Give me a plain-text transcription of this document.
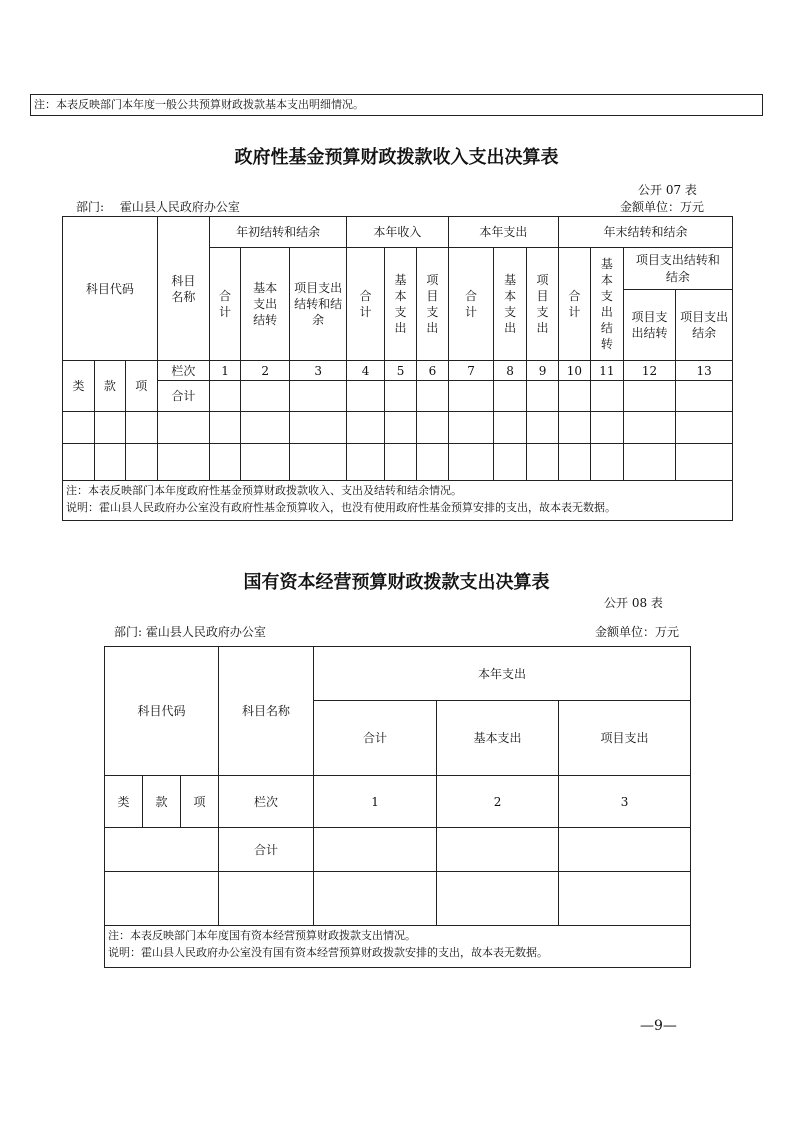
注：本表反映部门本年度一般公共预算财政拨款基本支出明细情况。
政府性基金预算财政拨款收入支出决算表
公开 07 表
部门:　 霍山县人民政府办公室	金额单位：万元
科目代码			科目名称	年初结转和结余			本年收入			本年支出			年末结转和结余			
				合计	基本支出结转	项目支出结转和结余	合计	基本支出	项目支出	合计	基本支出	项目支出	合计	基本支出结转	项目支出结转和结余	
															项目支出结转	项目支出结余
类	款	项	栏次	1	2	3	4	5	6	7	8	9	10	11	12	13
			合计													

注：本表反映部门本年度政府性基金预算财政拨款收入、支出及结转和结余情况。
说明：霍山县人民政府办公室没有政府性基金预算收入，也没有使用政府性基金预算安排的支出，故本表无数据。																
国有资本经营预算财政拨款支出决算表
公开 08 表
部门: 霍山县人民政府办公室	金额单位：万元
科目代码			科目名称	本年支出		
				合计	基本支出	项目支出
类	款	项	栏次	1	2	3
			合计			

注：本表反映部门本年度国有资本经营预算财政拨款支出情况。
说明：霍山县人民政府办公室没有国有资本经营预算财政拨款安排的支出，故本表无数据。						
—9—
